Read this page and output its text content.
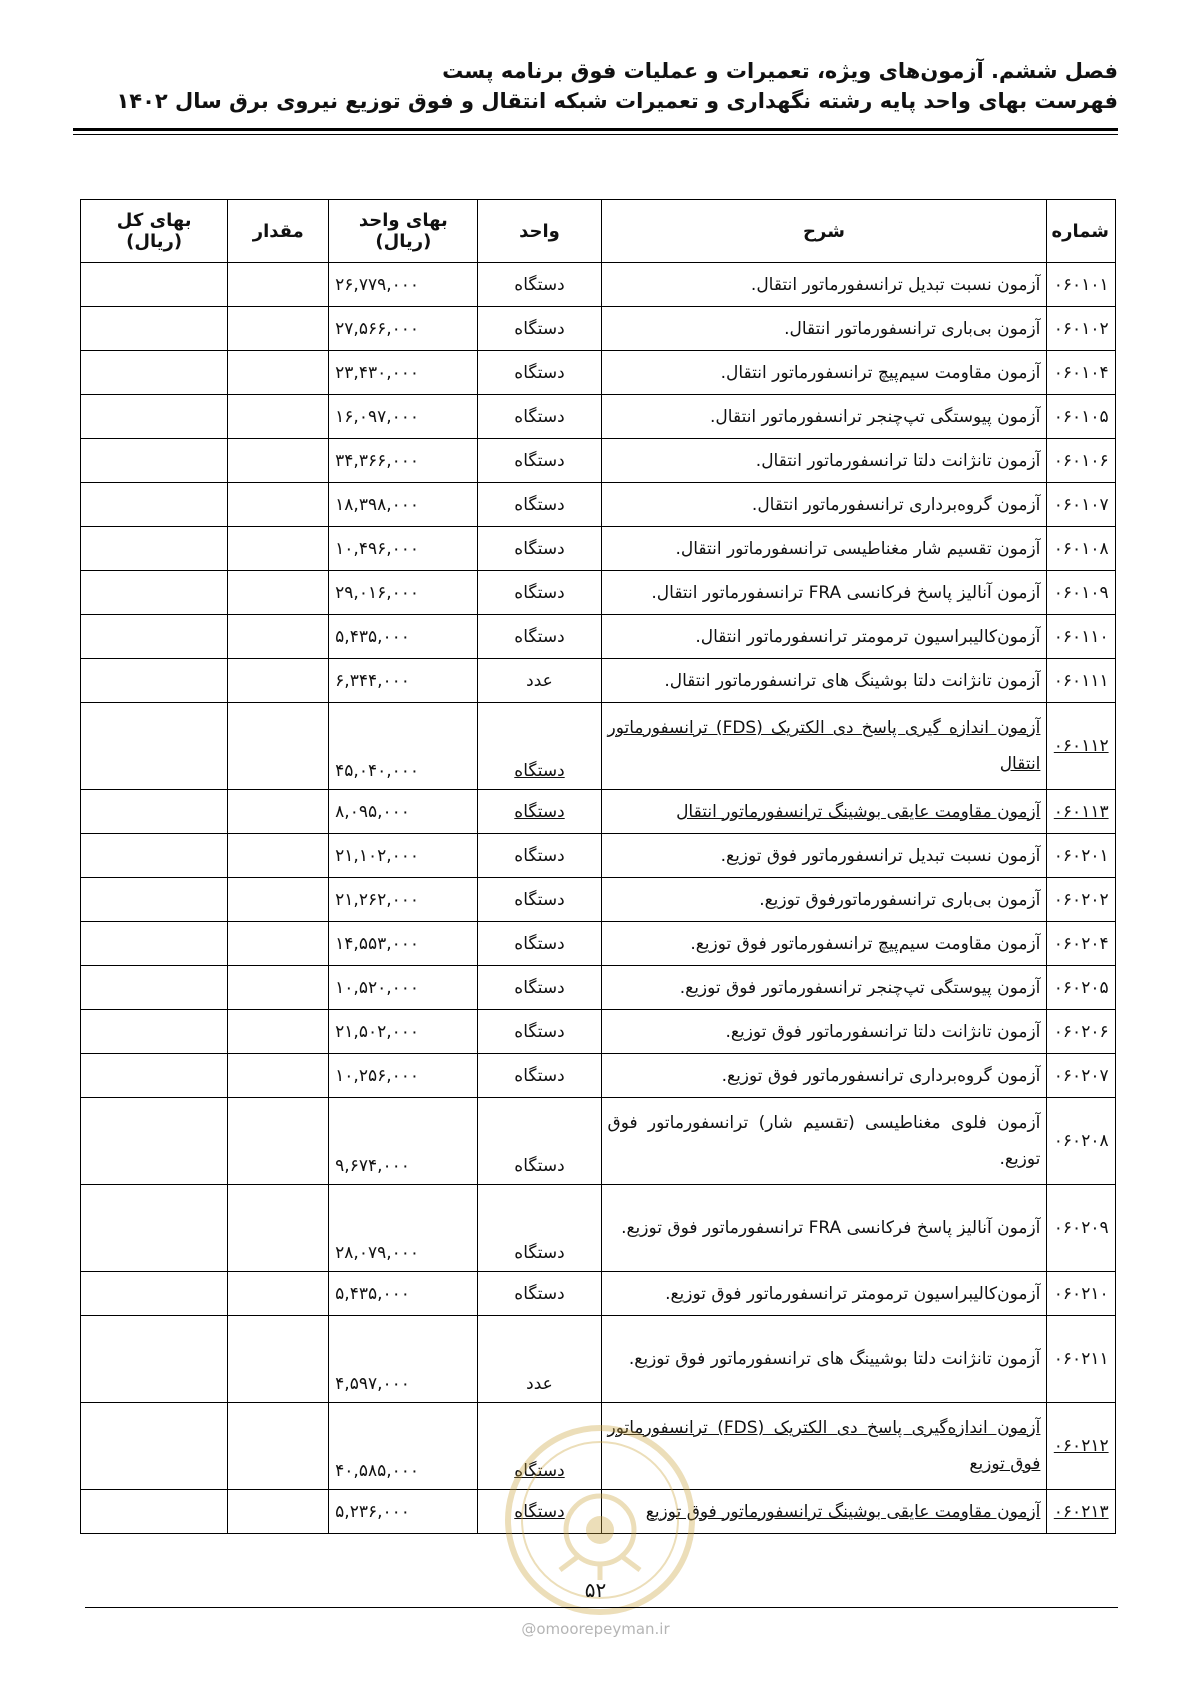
فصل ششم. آزمون‌های ویژه، تعمیرات و عملیات فوق برنامه پست
فهرست بهای واحد پایه رشته نگهداری و تعمیرات شبکه انتقال و فوق توزیع نیروی برق سال ۱۴۰۲
شماره	شرح	واحد	بهای واحد (ریال)	مقدار	بهای کل (ریال)
۰۶۰۱۰۱	آزمون نسبت تبدیل ترانسفورماتور انتقال.	دستگاه	۲۶,۷۷۹,۰۰۰		
۰۶۰۱۰۲	آزمون بی‌باری ترانسفورماتور انتقال.	دستگاه	۲۷,۵۶۶,۰۰۰		
۰۶۰۱۰۴	آزمون مقاومت سیم‌پیچ ترانسفورماتور انتقال.	دستگاه	۲۳,۴۳۰,۰۰۰		
۰۶۰۱۰۵	آزمون پیوستگی تپ‌چنجر ترانسفورماتور انتقال.	دستگاه	۱۶,۰۹۷,۰۰۰		
۰۶۰۱۰۶	آزمون تانژانت دلتا ترانسفورماتور انتقال.	دستگاه	۳۴,۳۶۶,۰۰۰		
۰۶۰۱۰۷	آزمون گروه‌برداری ترانسفورماتور انتقال.	دستگاه	۱۸,۳۹۸,۰۰۰		
۰۶۰۱۰۸	آزمون تقسیم شار مغناطیسی ترانسفورماتور انتقال.	دستگاه	۱۰,۴۹۶,۰۰۰		
۰۶۰۱۰۹	آزمون آنالیز پاسخ فرکانسی FRA ترانسفورماتور انتقال.	دستگاه	۲۹,۰۱۶,۰۰۰		
۰۶۰۱۱۰	آزمون‌کالیبراسیون ترمومتر ترانسفورماتور انتقال.	دستگاه	۵,۴۳۵,۰۰۰		
۰۶۰۱۱۱	آزمون تانژانت دلتا بوشینگ های ترانسفورماتور انتقال.	عدد	۶,۳۴۴,۰۰۰		
۰۶۰۱۱۲	آزمون اندازه گیری پاسخ دی الکتریک (FDS) ترانسفورماتور انتقال	دستگاه	۴۵,۰۴۰,۰۰۰		
۰۶۰۱۱۳	آزمون مقاومت عایقی بوشینگ ترانسفورماتور انتقال	دستگاه	۸,۰۹۵,۰۰۰		
۰۶۰۲۰۱	آزمون نسبت تبدیل ترانسفورماتور فوق توزیع.	دستگاه	۲۱,۱۰۲,۰۰۰		
۰۶۰۲۰۲	آزمون بی‌باری ترانسفورماتورفوق توزیع.	دستگاه	۲۱,۲۶۲,۰۰۰		
۰۶۰۲۰۴	آزمون مقاومت سیم‌پیچ ترانسفورماتور فوق توزیع.	دستگاه	۱۴,۵۵۳,۰۰۰		
۰۶۰۲۰۵	آزمون پیوستگی تپ‌چنجر ترانسفورماتور فوق توزیع.	دستگاه	۱۰,۵۲۰,۰۰۰		
۰۶۰۲۰۶	آزمون تانژانت دلتا ترانسفورماتور فوق توزیع.	دستگاه	۲۱,۵۰۲,۰۰۰		
۰۶۰۲۰۷	آزمون گروه‌برداری ترانسفورماتور فوق توزیع.	دستگاه	۱۰,۲۵۶,۰۰۰		
۰۶۰۲۰۸	آزمون فلوی مغناطیسی (تقسیم شار) ترانسفورماتور فوق توزیع.	دستگاه	۹,۶۷۴,۰۰۰		
۰۶۰۲۰۹	آزمون آنالیز پاسخ فرکانسی FRA ترانسفورماتور فوق توزیع.	دستگاه	۲۸,۰۷۹,۰۰۰		
۰۶۰۲۱۰	آزمون‌کالیبراسیون ترمومتر ترانسفورماتور فوق توزیع.	دستگاه	۵,۴۳۵,۰۰۰		
۰۶۰۲۱۱	آزمون تانژانت دلتا بوشیینگ های ترانسفورماتور فوق توزیع.	عدد	۴,۵۹۷,۰۰۰		
۰۶۰۲۱۲	آزمون اندازه‌گیری پاسخ دی الکتریک (FDS) ترانسفورماتور فوق توزیع	دستگاه	۴۰,۵۸۵,۰۰۰		
۰۶۰۲۱۳	آزمون مقاومت عایقی بوشینگ ترانسفورماتور فوق توزیع	دستگاه	۵,۲۳۶,۰۰۰		
۵۲
@omoorepeyman.ir
